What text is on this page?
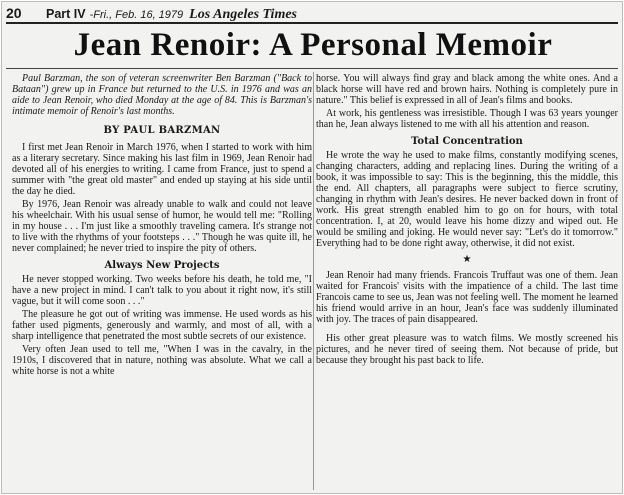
20	Part IV -Fri., Feb. 16, 1979 Los Angeles Times
Jean Renoir: A Personal Memoir

Paul Barzman, the son of veteran screenwriter Ben Barzman ("Back to Bataan") grew up in France but returned to the U.S. in 1976 and was an aide to Jean Renoir, who died Monday at the age of 84. This is Barzman's intimate memoir of Renoir's last months.

BY PAUL BARZMAN

I first met Jean Renoir in March 1976, when I started to work with him as a literary secretary. Since making his last film in 1969, Jean Renoir had devoted all of his energies to writing. I came from France, just to spend a summer with "the great old master" and ended up staying at his side until the day he died.

By 1976, Jean Renoir was already unable to walk and could not leave his wheelchair. With his usual sense of humor, he would tell me: "Rolling in my house . . . I'm just like a smoothly traveling camera. It's strange not to live with the rhythms of your footsteps . . ." Though he was quite ill, he never complained; he never tried to inspire the pity of others.

Always New Projects

He never stopped working. Two weeks before his death, he told me, "I have a new project in mind. I can't talk to you about it right now, it's still vague, but it will come soon . . ."

The pleasure he got out of writing was immense. He used words as his father used pigments, generously and warmly, and most of all, with a sharp intelligence that penetrated the most subtle secrets of our existence.

Very often Jean used to tell me, "When I was in the cavalry, in the 1910s, I discovered that in nature, nothing was absolute. What we call a white horse is not a white

horse. You will always find gray and black among the white ones. And a black horse will have red and brown hairs. Nothing is completely pure in nature." This belief is expressed in all of Jean's films and books.

At work, his gentleness was irresistible. Though I was 63 years younger than he, Jean always listened to me with all his attention and reason.

Total Concentration

He wrote the way he used to make films, constantly modifying scenes, changing characters, adding and replacing lines. During the writing of a book, it was impossible to say: This is the beginning, this the middle, this the end. All chapters, all paragraphs were subject to fierce scrutiny, changing in rhythm with Jean's desires. He never backed down in front of work. His great strength enabled him to go on for hours, with total concentration. I, at 20, would leave his home dizzy and wiped out. He would be smiling and joking. He would never say: "Let's do it tomorrow." Everything had to be done right away, otherwise, it did not exist.

★

Jean Renoir had many friends. Francois Truffaut was one of them. Jean waited for Francois' visits with the impatience of a child. The last time Francois came to see us, Jean was not feeling well. The moment he learned his friend would arrive in an hour, Jean's face was suddenly illuminated with joy. The traces of pain disappeared.

His other great pleasure was to watch films. We mostly screened his pictures, and he never tired of seeing them. Not because of pride, but because they brought his past back to life.
